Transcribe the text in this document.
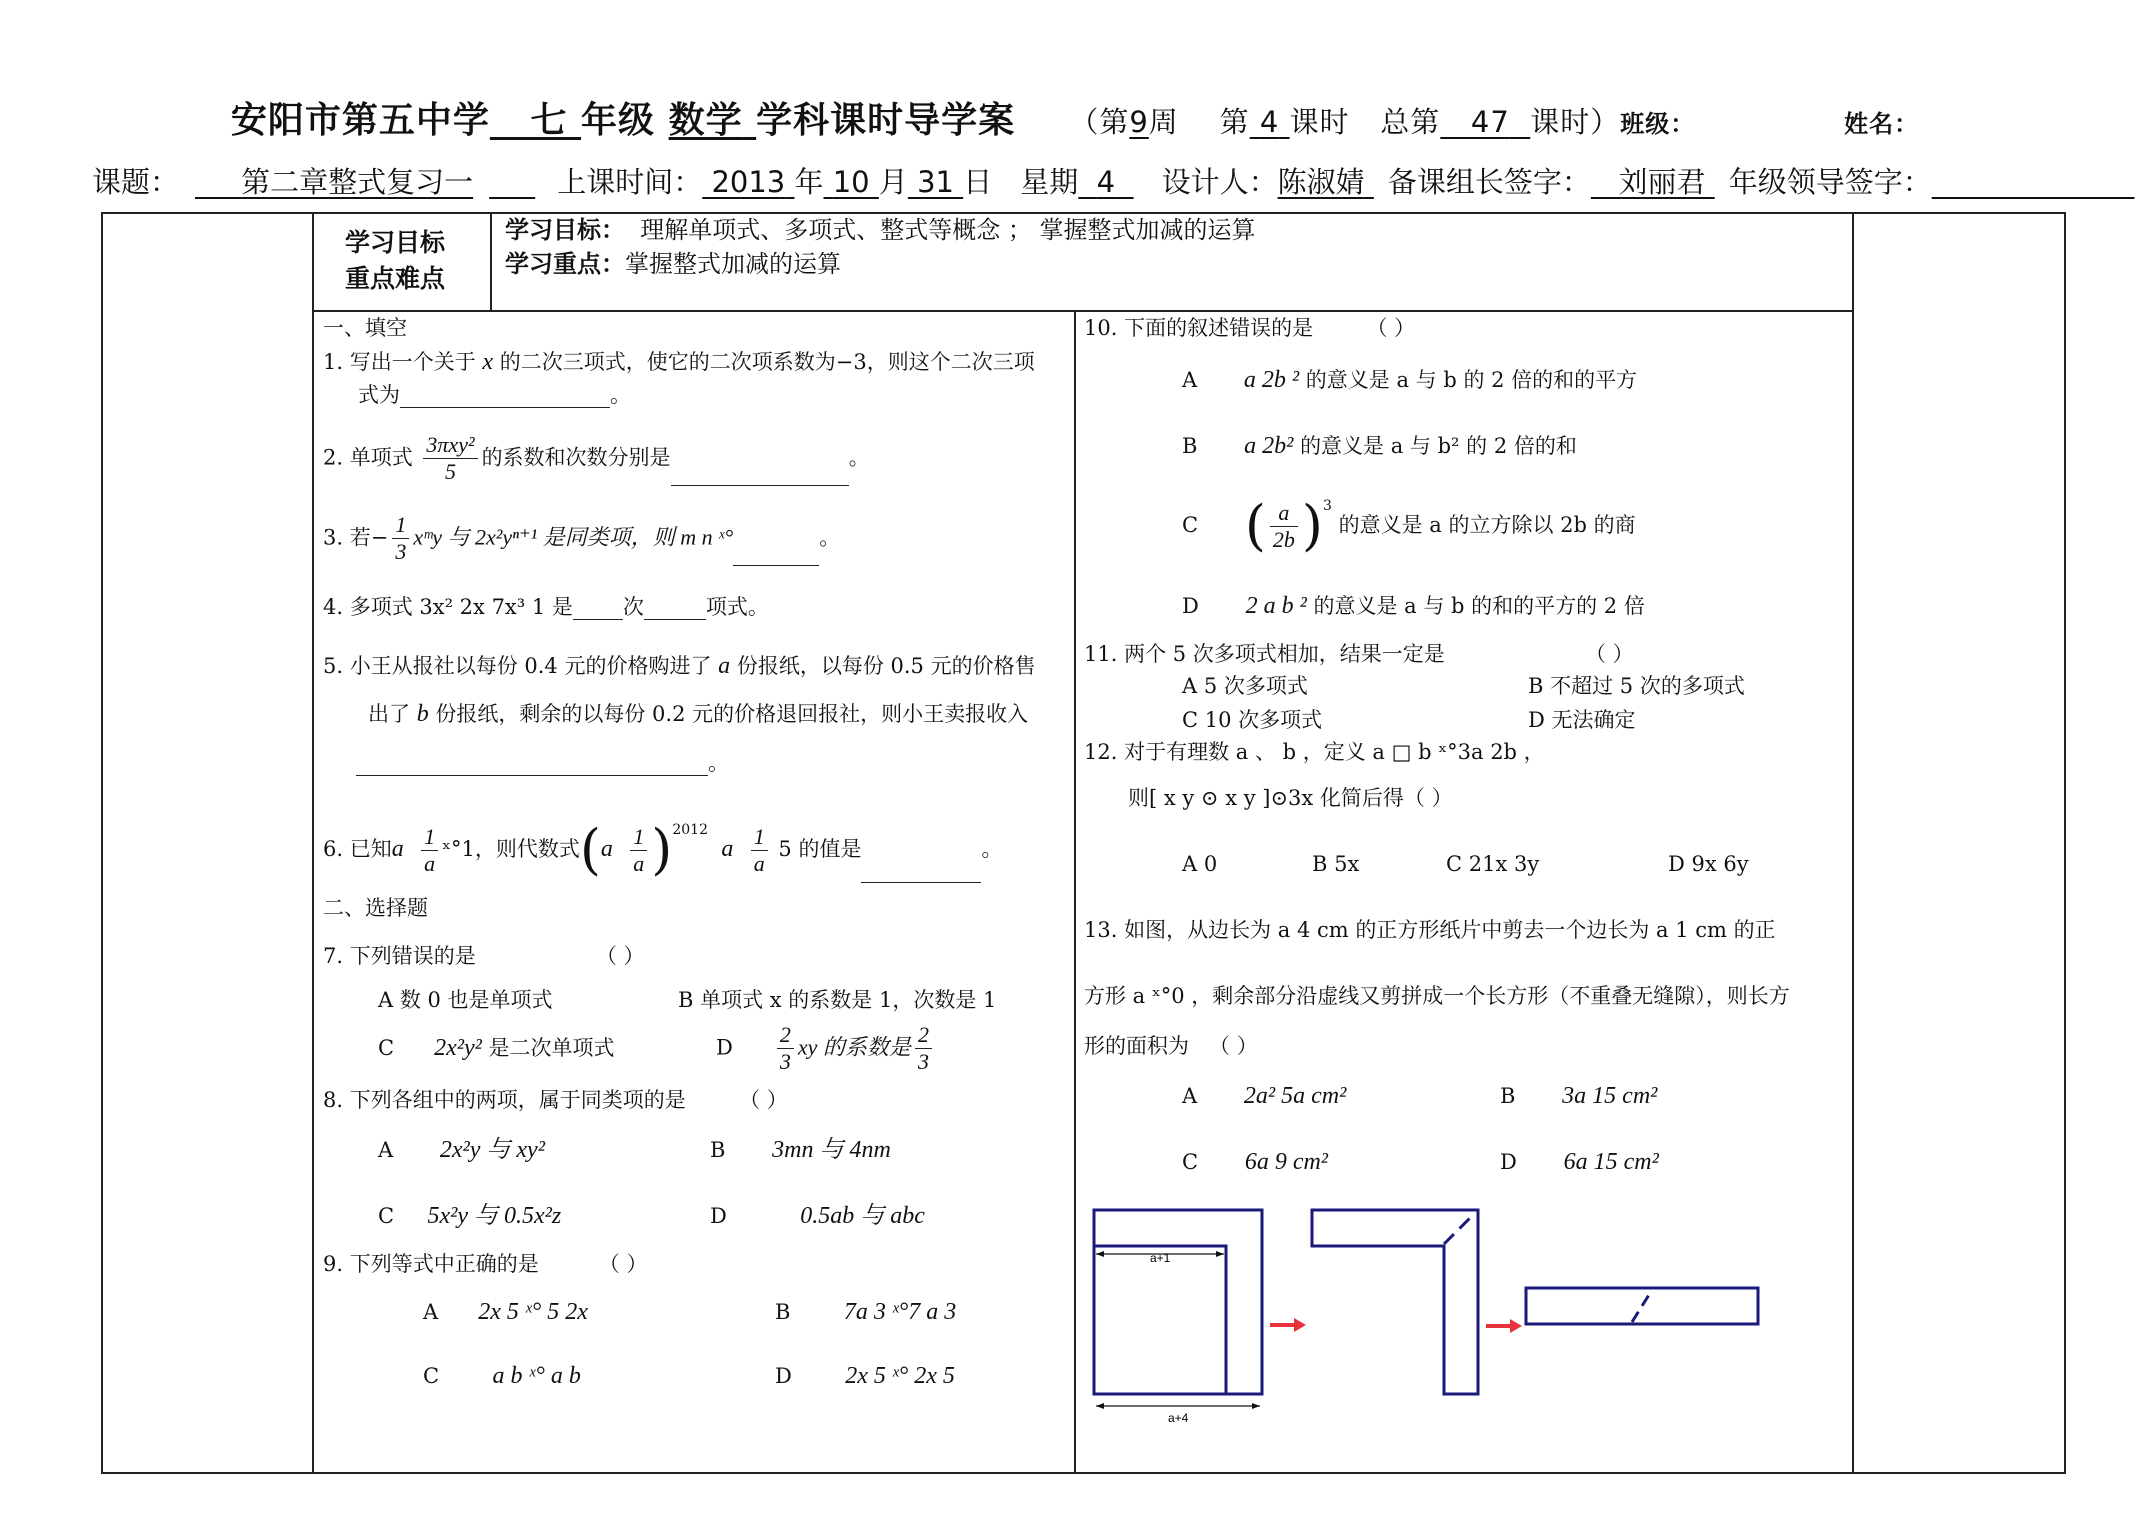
安阳市第五中学 七 年级 数学 学科课时导学案 （第9周 第 4 课时 总第 47 课时）班级：	姓名：
课题： 第二章整式复习一	上课时间： 2013 年 10 月 31 日 星期 4 设计人：陈淑婧 备课组长签字： 刘丽君 年级领导签字：
学习目标
重点难点
学习目标： 理解单项式、多项式、整式等概念 ； 掌握整式加减的运算
学习重点：掌握整式加减的运算
一、填空
1. 写出一个关于 x 的二次三项式，使它的二次项系数为−3，则这个二次三项
式为	。
2. 单项式 $\frac{\text{3πxy²}}{5}$ 的系数和次数分别是	。
3. 若− $\frac{1}{3}$ xᵐy 与 2x²yⁿ⁺¹ 是同类项，则 m n ˣ°	。
4. 多项式 3x² 2x 7x³ 1 是 次	项式。
5. 小王从报社以每份 0.4 元的价格购进了 a 份报纸，以每份 0.5 元的价格售
出了 b 份报纸，剩余的以每份 0.2 元的价格退回报社，则小王卖报收入
。
6. 已知a $\frac{1}{a}$ ˣ°1，则代数式$(a \frac{1}{a} )^{2012}$  a $\frac{1}{a} 5$ 的值是	。
二、选择题
7. 下列错误的是	（ ）
A 数 0 也是单项式	B 单项式 x 的系数是 1，次数是 1
C 2x²y² 是二次单项式	D $\frac{2}{3}$ xy 的系数是 $\frac{2}{3}$
8. 下列各组中的两项，属于同类项的是	（ ）
A 2x²y 与 xy²	B 3mn 与 4nm
C 5x²y 与 0.5x²z	D	0.5ab 与 abc
9. 下列等式中正确的是	（ ）
A 2x 5 ˣ° 5 2x	B 7a 3 ˣ°7 a 3
C a b ˣ° a b	D 2x 5 ˣ° 2x 5
10. 下面的叙述错误的是	（ ）
A a 2b ² 的意义是 a 与 b 的 2 倍的和的平方
B a 2b² 的意义是 a 与 b² 的 2 倍的和
C ( $\frac{a}{2b} )^3$ 的意义是 a 的立方除以 2b 的商
D 2 a b ² 的意义是 a 与 b 的和的平方的 2 倍
11. 两个 5 次多项式相加，结果一定是	（ ）
A 5 次多项式	B 不超过 5 次的多项式
C 10 次多项式	D 无法确定
12. 对于有理数 a 、 b ，定义 a □ b ˣ°3a 2b ，
则[ x y ⊙ x y ]⊙3x 化简后得（ ）
A 0	B 5x	C 21x 3y	D 9x 6y
13. 如图，从边长为 a 4 cm 的正方形纸片中剪去一个边长为 a 1 cm 的正
方形 a ˣ°0 ，剩余部分沿虚线又剪拼成一个长方形（不重叠无缝隙），则长方
形的面积为 （ ）
A 2a² 5a cm²	B 3a 15 cm²
C 6a 9 cm²	D 6a 15 cm²
a+1
a+4
